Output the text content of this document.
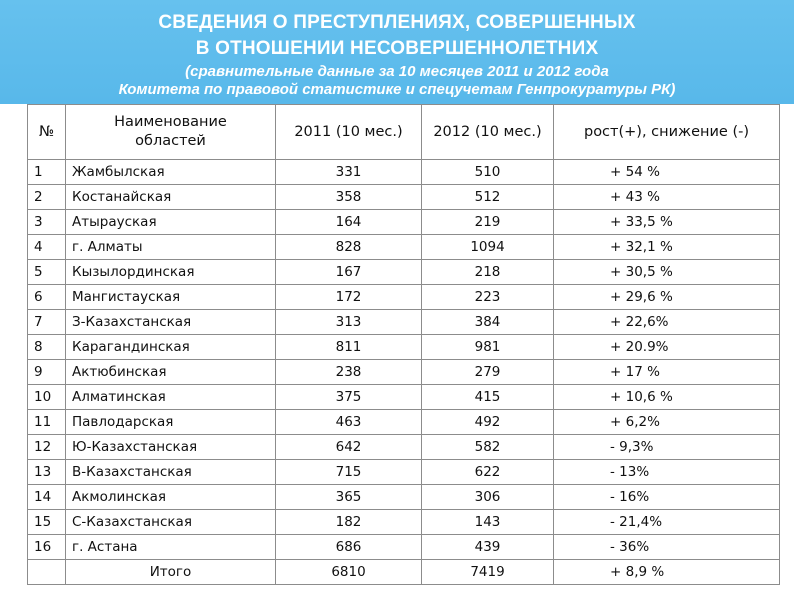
СВЕДЕНИЯ О ПРЕСТУПЛЕНИЯХ, СОВЕРШЕННЫХ
В ОТНОШЕНИИ НЕСОВЕРШЕННОЛЕТНИХ
(сравнительные данные за 10 месяцев 2011 и 2012 года
Комитета по правовой статистике и спецучетам Генпрокуратуры РК)
№	Наименование областей	2011 (10 мес.)	2012 (10 мес.)	рост(+), снижение (-)
1	Жамбылская	331	510	+ 54 %
2	Костанайская	358	512	+ 43 %
3	Атырауская	164	219	+ 33,5 %
4	г. Алматы	828	1094	+ 32,1 %
5	Кызылординская	167	218	+ 30,5 %
6	Мангистауская	172	223	+ 29,6 %
7	З-Казахстанская	313	384	+ 22,6%
8	Карагандинская	811	981	+ 20.9%
9	Актюбинская	238	279	+ 17 %
10	Алматинская	375	415	+ 10,6 %
11	Павлодарская	463	492	+ 6,2%
12	Ю-Казахстанская	642	582	- 9,3%
13	В-Казахстанская	715	622	- 13%
14	Акмолинская	365	306	- 16%
15	С-Казахстанская	182	143	- 21,4%
16	г. Астана	686	439	- 36%
	Итого	6810	7419	+ 8,9 %
